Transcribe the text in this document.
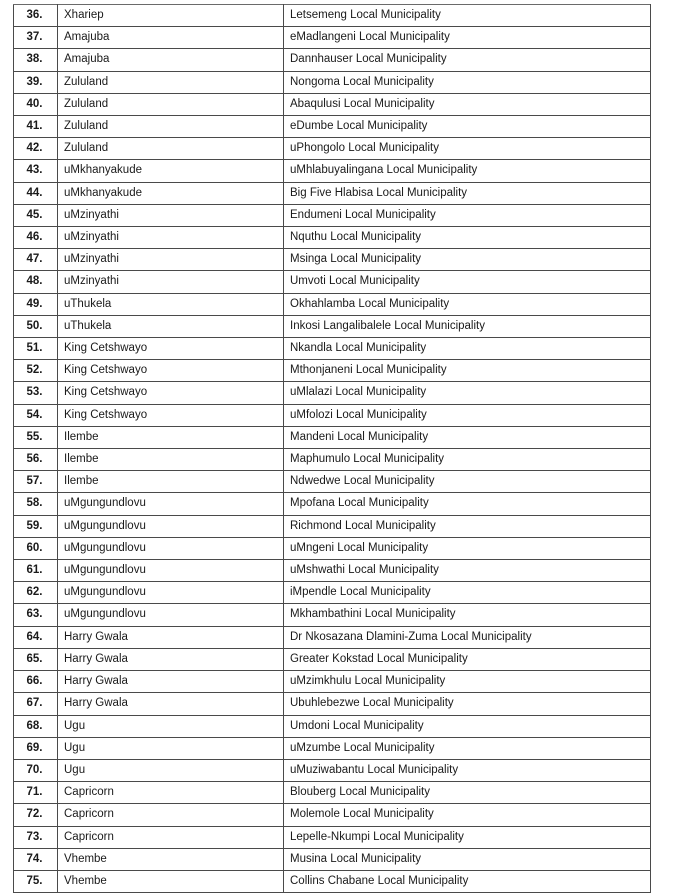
36.	Xhariep	Letsemeng Local Municipality
37.	Amajuba	eMadlangeni Local Municipality
38.	Amajuba	Dannhauser Local Municipality
39.	Zululand	Nongoma Local Municipality
40.	Zululand	Abaqulusi Local Municipality
41.	Zululand	eDumbe Local Municipality
42.	Zululand	uPhongolo Local Municipality
43.	uMkhanyakude	uMhlabuyalingana Local Municipality
44.	uMkhanyakude	Big Five Hlabisa Local Municipality
45.	uMzinyathi	Endumeni Local Municipality
46.	uMzinyathi	Nquthu Local Municipality
47.	uMzinyathi	Msinga Local Municipality
48.	uMzinyathi	Umvoti Local Municipality
49.	uThukela	Okhahlamba Local Municipality
50.	uThukela	Inkosi Langalibalele Local Municipality
51.	King Cetshwayo	Nkandla Local Municipality
52.	King Cetshwayo	Mthonjaneni Local Municipality
53.	King Cetshwayo	uMlalazi Local Municipality
54.	King Cetshwayo	uMfolozi Local Municipality
55.	Ilembe	Mandeni Local Municipality
56.	Ilembe	Maphumulo Local Municipality
57.	Ilembe	Ndwedwe Local Municipality
58.	uMgungundlovu	Mpofana Local Municipality
59.	uMgungundlovu	Richmond Local Municipality
60.	uMgungundlovu	uMngeni Local Municipality
61.	uMgungundlovu	uMshwathi Local Municipality
62.	uMgungundlovu	iMpendle Local Municipality
63.	uMgungundlovu	Mkhambathini Local Municipality
64.	Harry Gwala	Dr Nkosazana Dlamini-Zuma Local Municipality
65.	Harry Gwala	Greater Kokstad Local Municipality
66.	Harry Gwala	uMzimkhulu Local Municipality
67.	Harry Gwala	Ubuhlebezwe Local Municipality
68.	Ugu	Umdoni Local Municipality
69.	Ugu	uMzumbe Local Municipality
70.	Ugu	uMuziwabantu Local Municipality
71.	Capricorn	Blouberg Local Municipality
72.	Capricorn	Molemole Local Municipality
73.	Capricorn	Lepelle-Nkumpi Local Municipality
74.	Vhembe	Musina Local Municipality
75.	Vhembe	Collins Chabane Local Municipality
